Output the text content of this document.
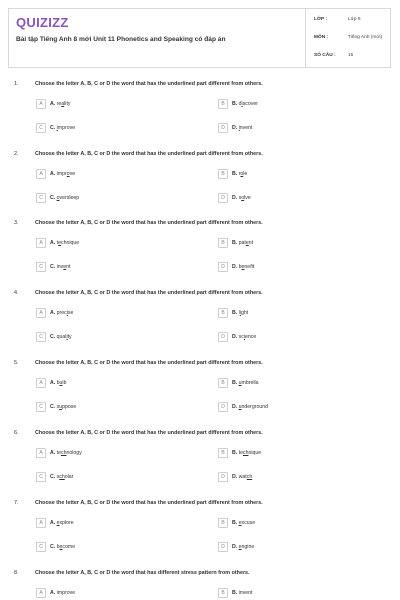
QUIZIZZ
Bài tập Tiếng Anh 8 mới Unit 11 Phonetics and Speaking có đáp án
LỚP :	Lớp 8
MÔN :	Tiếng Anh (mới)
SỐ CÂU :	15
1.	Choose the letter A, B, C or D the word that has the underlined part different from others.
A	A. reality	B	B. discover
C	C. improve	D	D. invent
2.	Choose the letter A, B, C or D the word that has the underlined part different from others.
A	A. improve	B	B. role
C	C. oversleep	D	D. solve
3.	Choose the letter A, B, C or D the word that has the underlined part different from others.
A	A. technique	B	B. patent
C	C. invent	D	D. benefit
4.	Choose the letter A, B, C or D the word that has the underlined part different from others.
A	A. precise	B	B. light
C	C. quality	D	D. science
5.	Choose the letter A, B, C or D the word that has the underlined part different from others.
A	A. bulb	B	B. umbrella
C	C. suppose	D	D. underground
6.	Choose the letter A, B, C or D the word that has the underlined part different from others.
A	A. technology	B	B. technique
C	C. scholar	D	D. watch
7.	Choose the letter A, B, C or D the word that has the underlined part different from others.
A	A. explore	B	B. excuse
C	C. become	D	D. engine
8.	Choose the letter A, B, C or D the word that has different stress pattern from others.
A	A. improve	B	B. invent
